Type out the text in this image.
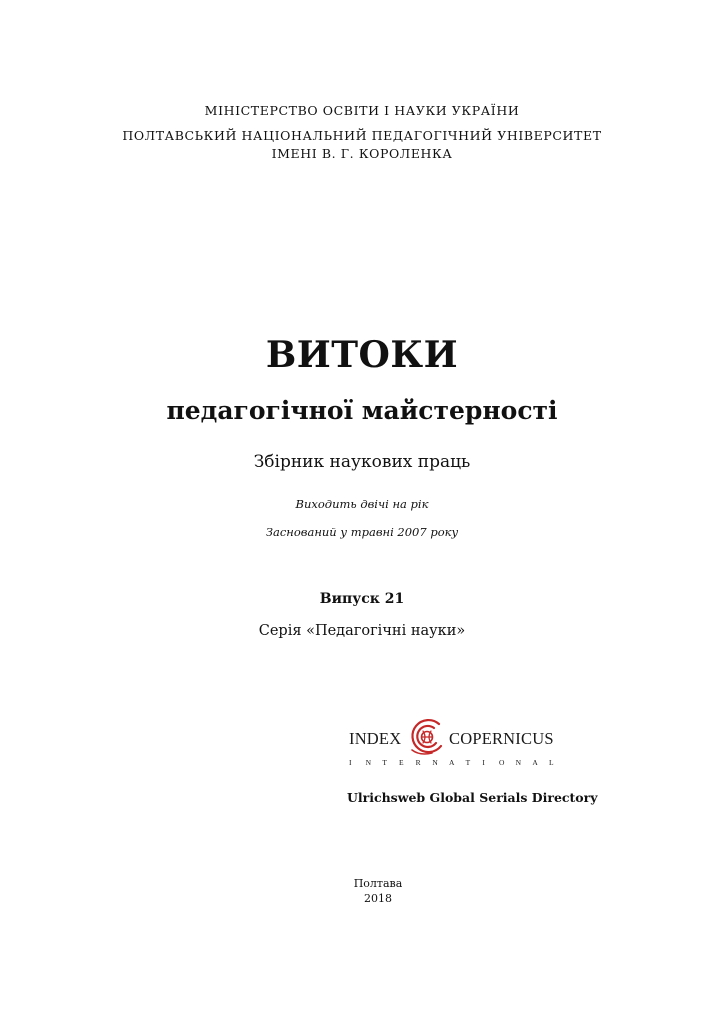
МІНІСТЕРСТВО ОСВІТИ І НАУКИ УКРАЇНИ
ПОЛТАВСЬКИЙ НАЦІОНАЛЬНИЙ ПЕДАГОГІЧНИЙ УНІВЕРСИТЕТ
ІМЕНІ В. Г. КОРОЛЕНКА
ВИТОКИ
педагогічної майстерності
Збірник наукових праць
Виходить двічі на рік
Заснований у травні 2007 року
Випуск 21
Серія «Педагогічні науки»
INDEX	COPERNICUS
I N T E R N A T I O N A L
Ulrichsweb Global Serials Directory
Полтава
2018
